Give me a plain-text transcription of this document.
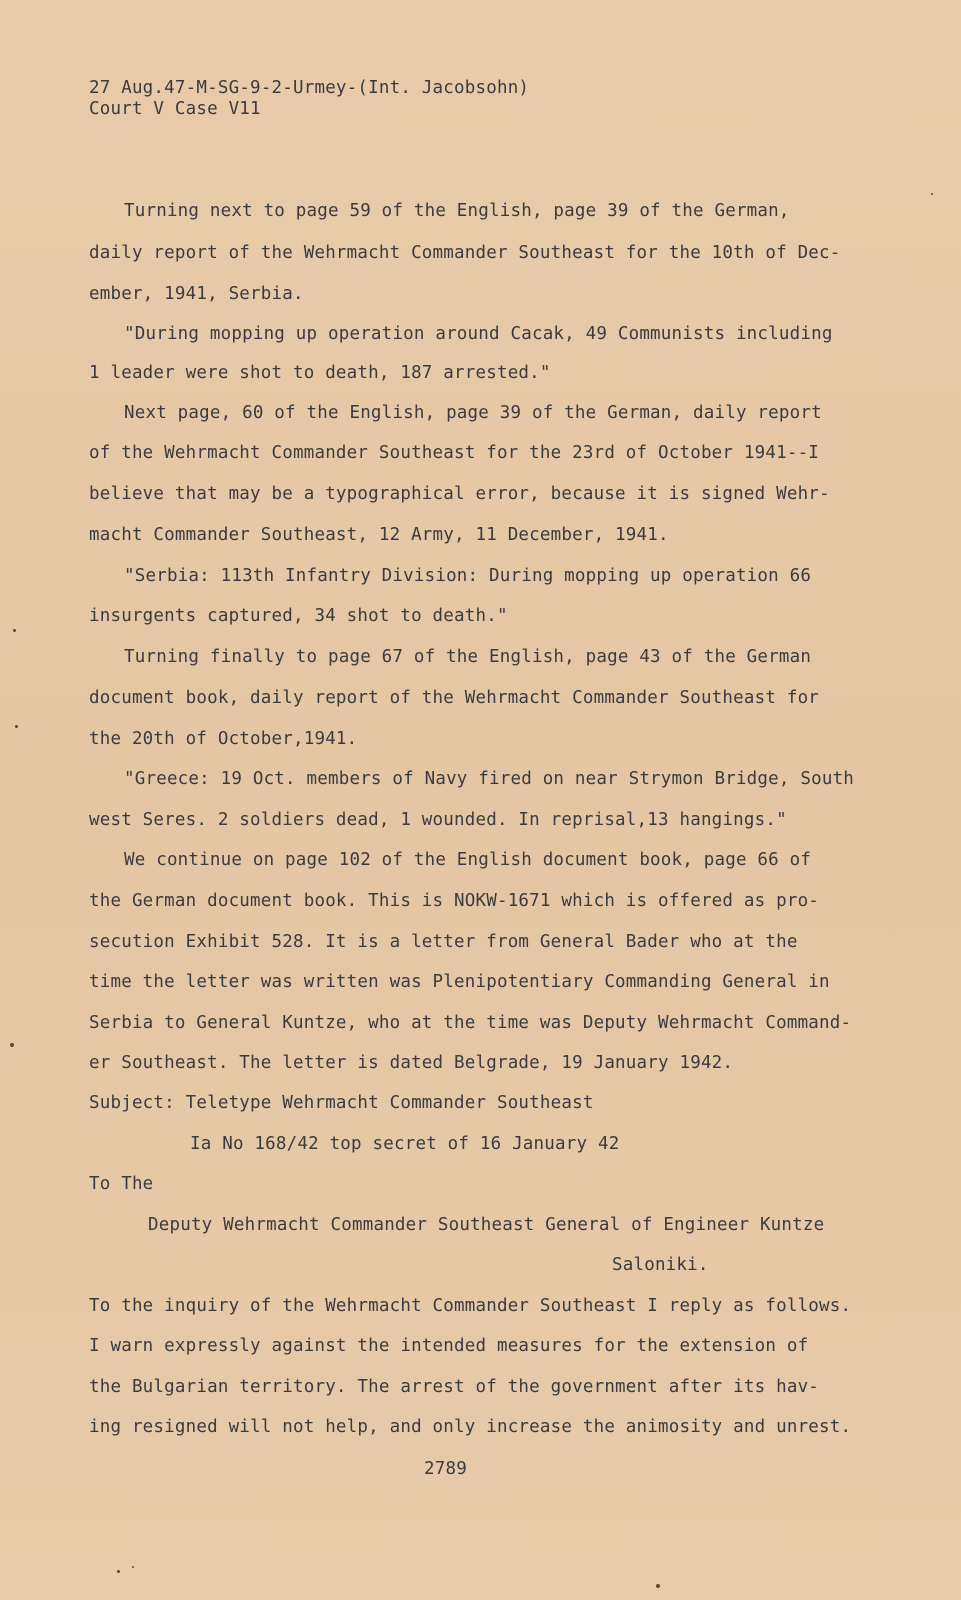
27 Aug.47-M-SG-9-2-Urmey-(Int. Jacobsohn)
Court V Case V11
Turning next to page 59 of the English, page 39 of the German,
daily report of the Wehrmacht Commander Southeast for the 10th of Dec-
ember, 1941, Serbia.
"During mopping up operation around Cacak, 49 Communists including
1 leader were shot to death, 187 arrested."
Next page, 60 of the English, page 39 of the German, daily report
of the Wehrmacht Commander Southeast for the 23rd of October 1941--I
believe that may be a typographical error, because it is signed Wehr-
macht Commander Southeast, 12 Army, 11 December, 1941.
"Serbia: 113th Infantry Division: During mopping up operation 66
insurgents captured, 34 shot to death."
Turning finally to page 67 of the English, page 43 of the German
document book, daily report of the Wehrmacht Commander Southeast for
the 20th of October,1941.
"Greece: 19 Oct. members of Navy fired on near Strymon Bridge, South
west Seres. 2 soldiers dead, 1 wounded. In reprisal,13 hangings."
We continue on page 102 of the English document book, page 66 of
the German document book. This is NOKW-1671 which is offered as pro-
secution Exhibit 528. It is a letter from General Bader who at the
time the letter was written was Plenipotentiary Commanding General in
Serbia to General Kuntze, who at the time was Deputy Wehrmacht Command-
er Southeast. The letter is dated Belgrade, 19 January 1942.
Subject: Teletype Wehrmacht Commander Southeast
Ia No 168/42 top secret of 16 January 42
To The
Deputy Wehrmacht Commander Southeast General of Engineer Kuntze
Saloniki.
To the inquiry of the Wehrmacht Commander Southeast I reply as follows.
I warn expressly against the intended measures for the extension of
the Bulgarian territory. The arrest of the government after its hav-
ing resigned will not help, and only increase the animosity and unrest.
2789
